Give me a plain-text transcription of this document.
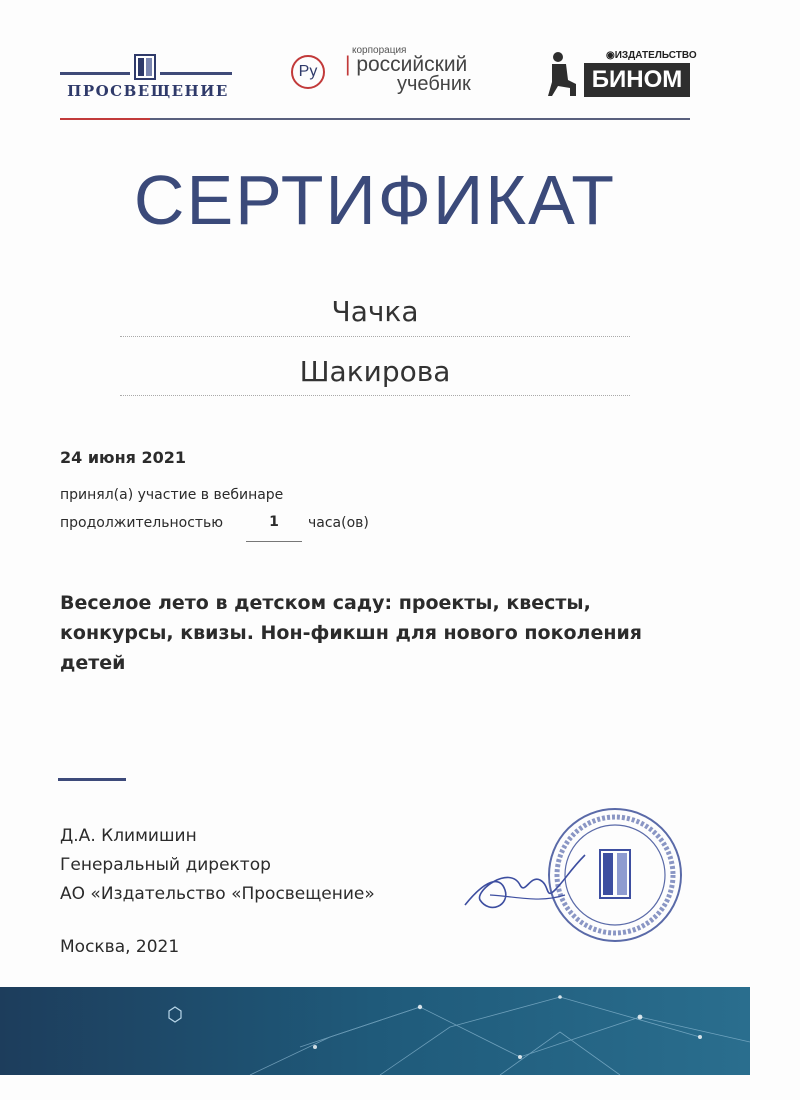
ПРОСВЕЩЕНИЕ
Ру
корпорация
| российский
учебник
◉ИЗДАТЕЛЬСТВО
БИНОМ
СЕРТИФИКАТ
Чачка
Шакирова
24 июня 2021
принял(а) участие в вебинаре
продолжительностью	1	часа(ов)
Веселое лето в детском саду: проекты, квесты, конкурсы, квизы. Нон-фикшн для нового поколения детей
Д.А. Климишин
Генеральный директор
АО «Издательство «Просвещение»
Москва, 2021
